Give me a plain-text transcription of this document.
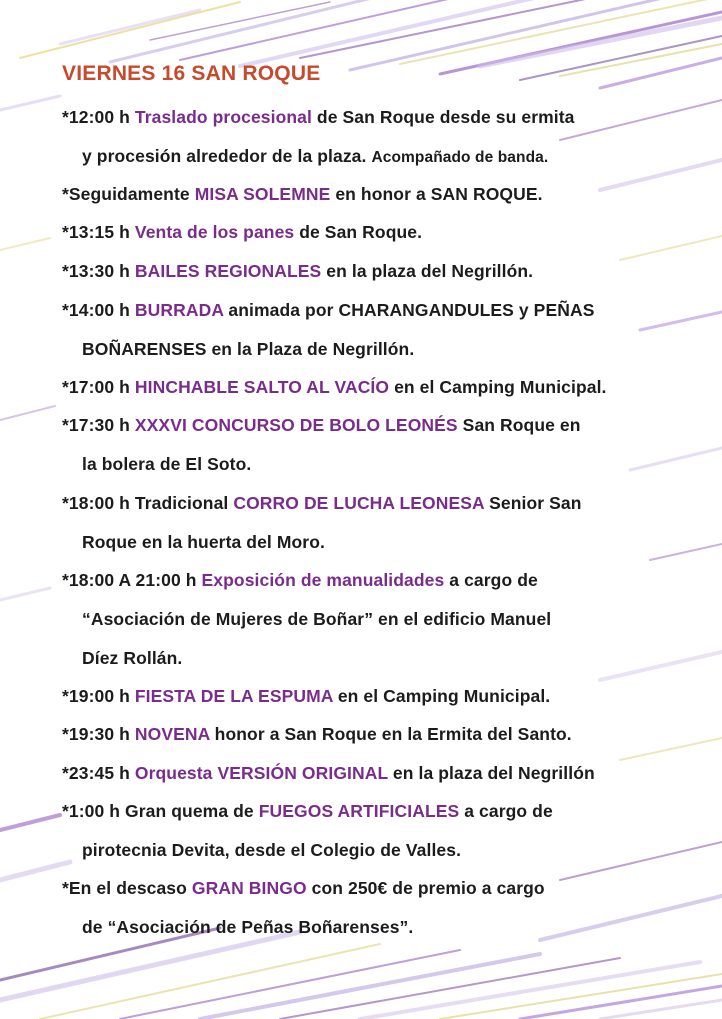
VIERNES 16 SAN ROQUE
*12:00 h Traslado procesional de San Roque desde su ermita
y procesión alrededor de la plaza. Acompañado de banda.
*Seguidamente MISA SOLEMNE en honor a SAN ROQUE.
*13:15 h Venta de los panes de San Roque.
*13:30 h BAILES REGIONALES en la plaza del Negrillón.
*14:00 h BURRADA animada por CHARANGANDULES y PEÑAS
BOÑARENSES en la Plaza de Negrillón.
*17:00 h HINCHABLE SALTO AL VACÍO en el Camping Municipal.
*17:30 h XXXVI CONCURSO DE BOLO LEONÉS San Roque en
la bolera de El Soto.
*18:00 h Tradicional CORRO DE LUCHA LEONESA Senior San
Roque en la huerta del Moro.
*18:00 A 21:00 h Exposición de manualidades a cargo de
“Asociación de Mujeres de Boñar” en el edificio Manuel
Díez Rollán.
*19:00 h FIESTA DE LA ESPUMA en el Camping Municipal.
*19:30 h NOVENA honor a San Roque en la Ermita del Santo.
*23:45 h Orquesta VERSIÓN ORIGINAL en la plaza del Negrillón
*1:00 h Gran quema de FUEGOS ARTIFICIALES a cargo de
pirotecnia Devita, desde el Colegio de Valles.
*En el descaso GRAN BINGO con 250€ de premio a cargo
de “Asociación de Peñas Boñarenses”.
